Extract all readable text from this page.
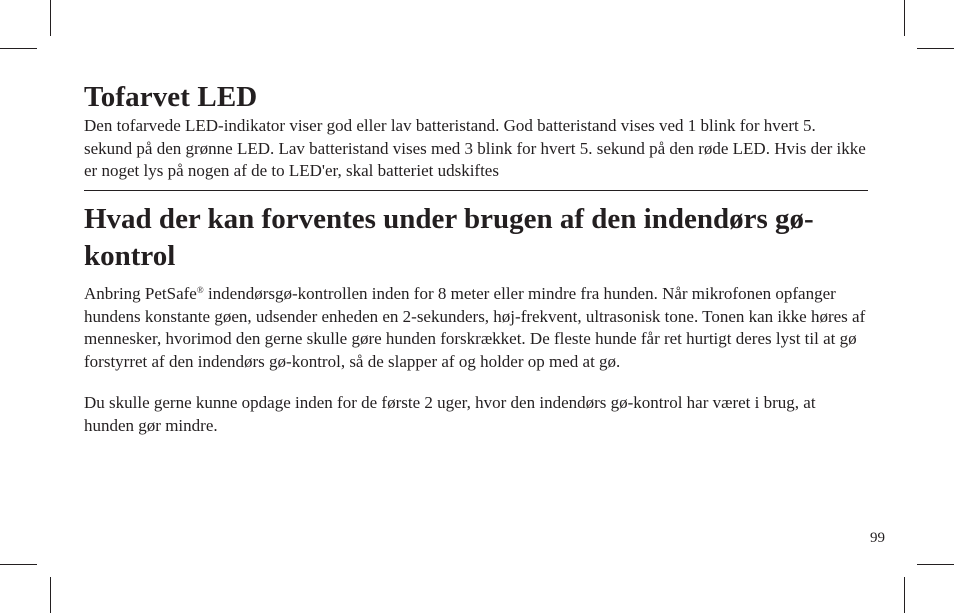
Tofarvet LED

Den tofarvede LED-indikator viser god eller lav batteristand. God batteristand vises ved 1 blink for hvert 5. sekund på den grønne LED. Lav batteristand vises med 3 blink for hvert 5. sekund på den røde LED. Hvis der ikke er noget lys på nogen af de to LED'er, skal batteriet udskiftes

Hvad der kan forventes under brugen af den indendørs gø-kontrol

Anbring PetSafe® indendørsgø-kontrollen inden for 8 meter eller mindre fra hunden. Når mikrofonen opfanger hundens konstante gøen, udsender enheden en 2-sekunders, høj-frekvent, ultrasonisk tone. Tonen kan ikke høres af mennesker, hvorimod den gerne skulle gøre hunden forskrækket. De fleste hunde får ret hurtigt deres lyst til at gø forstyrret af den indendørs gø-kontrol, så de slapper af og holder op med at gø.

Du skulle gerne kunne opdage inden for de første 2 uger, hvor den indendørs gø-kontrol har været i brug, at hunden gør mindre.

99
